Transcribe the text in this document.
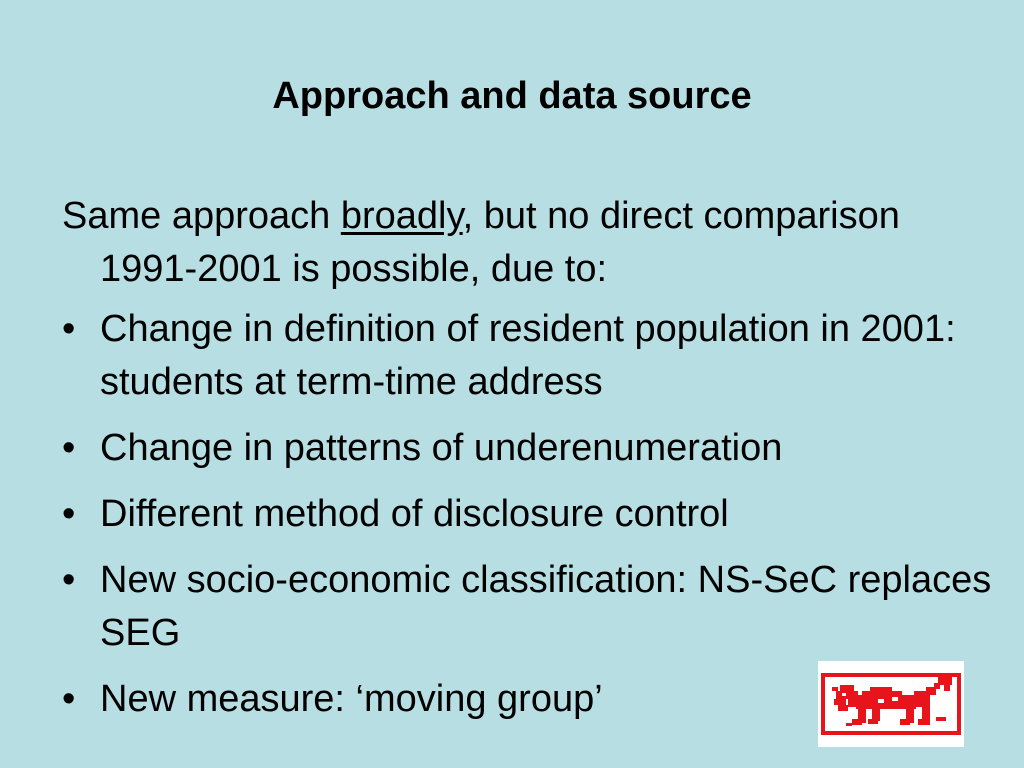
Approach and data source

Same approach broadly, but no direct comparison 1991-2001 is possible, due to:

• Change in definition of resident population in 2001: students at term-time address
• Change in patterns of underenumeration
• Different method of disclosure control
• New socio-economic classification: NS-SeC replaces SEG
• New measure: ‘moving group’
